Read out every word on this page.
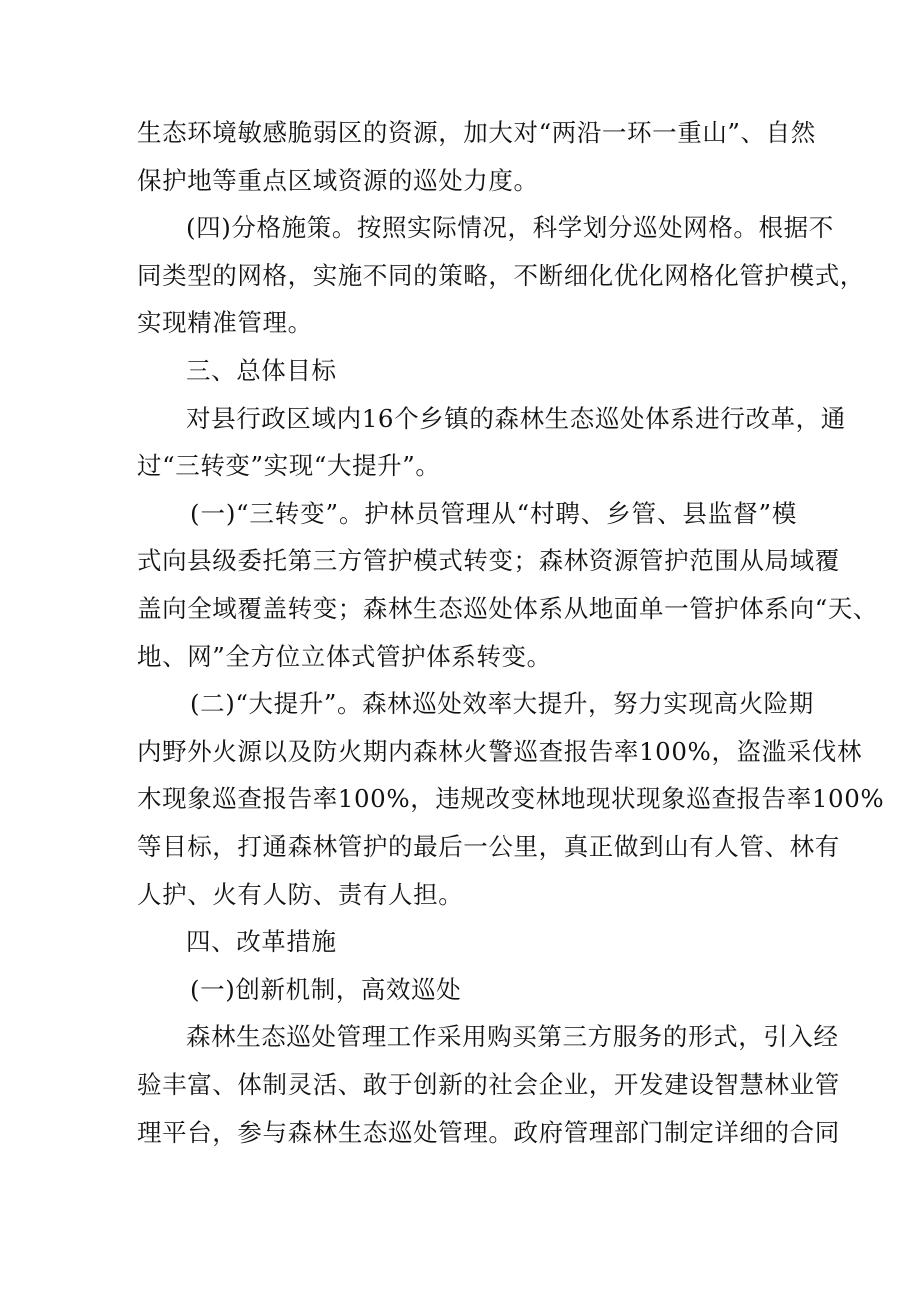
生态环境敏感脆弱区的资源，加大对“两沿一环一重山”、自然
保护地等重点区域资源的巡处力度。
(四)分格施策。按照实际情况，科学划分巡处网格。根据不
同类型的网格，实施不同的策略，不断细化优化网格化管护模式，
实现精准管理。
三、总体目标
对县行政区域内16个乡镇的森林生态巡处体系进行改革，通
过“三转变”实现“大提升”。
(一)“三转变”。护林员管理从“村聘、乡管、县监督”模
式向县级委托第三方管护模式转变；森林资源管护范围从局域覆
盖向全域覆盖转变；森林生态巡处体系从地面单一管护体系向“天、
地、网”全方位立体式管护体系转变。
(二)“大提升”。森林巡处效率大提升，努力实现高火险期
内野外火源以及防火期内森林火警巡查报告率100%，盗滥采伐林
木现象巡查报告率100%，违规改变林地现状现象巡查报告率100%
等目标，打通森林管护的最后一公里，真正做到山有人管、林有
人护、火有人防、责有人担。
四、改革措施
(一)创新机制，高效巡处
森林生态巡处管理工作采用购买第三方服务的形式，引入经
验丰富、体制灵活、敢于创新的社会企业，开发建设智慧林业管
理平台，参与森林生态巡处管理。政府管理部门制定详细的合同
